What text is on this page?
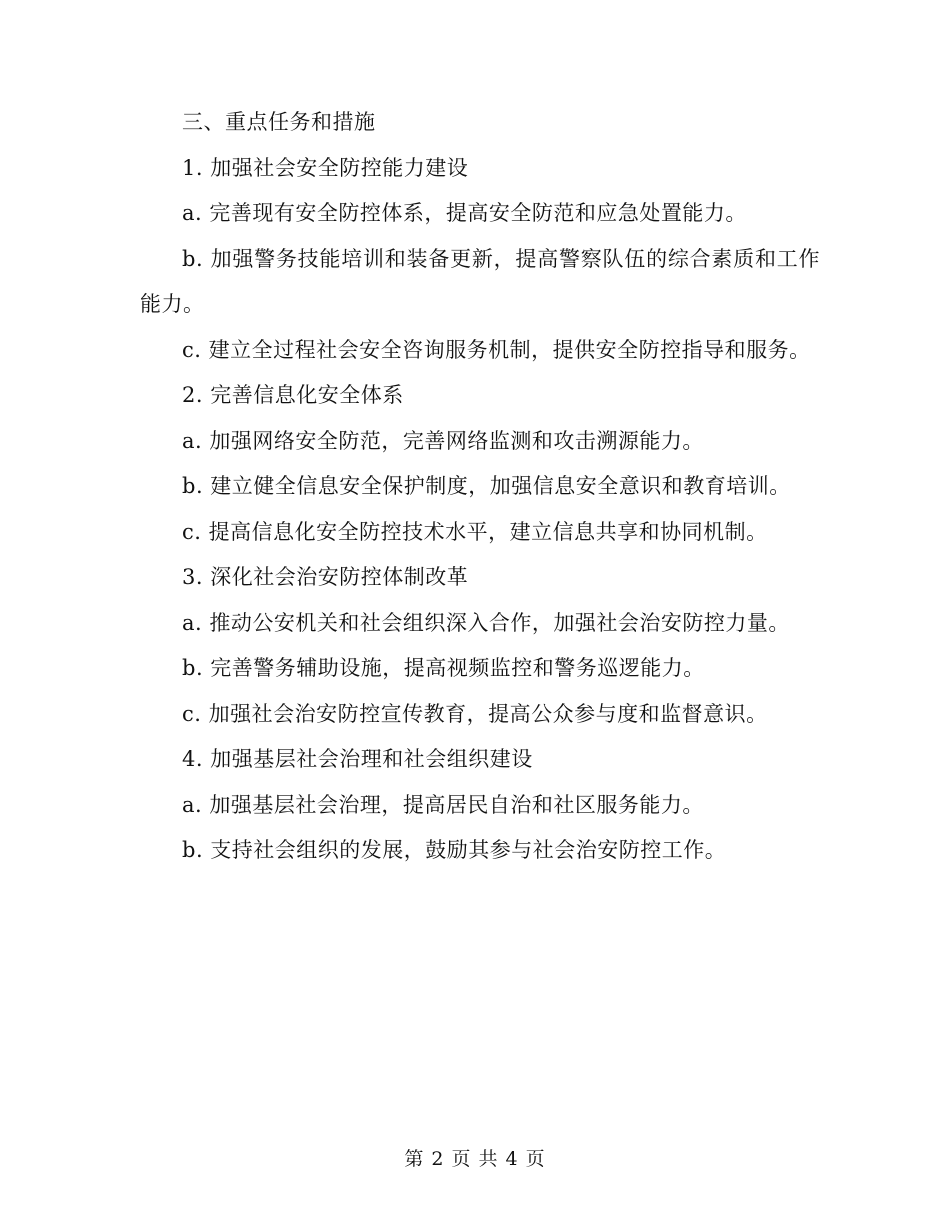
三、重点任务和措施

1. 加强社会安全防控能力建设

a. 完善现有安全防控体系，提高安全防范和应急处置能力。

b. 加强警务技能培训和装备更新，提高警察队伍的综合素质和工作能力。

c. 建立全过程社会安全咨询服务机制，提供安全防控指导和服务。

2. 完善信息化安全体系

a. 加强网络安全防范，完善网络监测和攻击溯源能力。

b. 建立健全信息安全保护制度，加强信息安全意识和教育培训。

c. 提高信息化安全防控技术水平，建立信息共享和协同机制。

3. 深化社会治安防控体制改革

a. 推动公安机关和社会组织深入合作，加强社会治安防控力量。

b. 完善警务辅助设施，提高视频监控和警务巡逻能力。

c. 加强社会治安防控宣传教育，提高公众参与度和监督意识。

4. 加强基层社会治理和社会组织建设

a. 加强基层社会治理，提高居民自治和社区服务能力。

b. 支持社会组织的发展，鼓励其参与社会治安防控工作。

第 2 页 共 4 页
